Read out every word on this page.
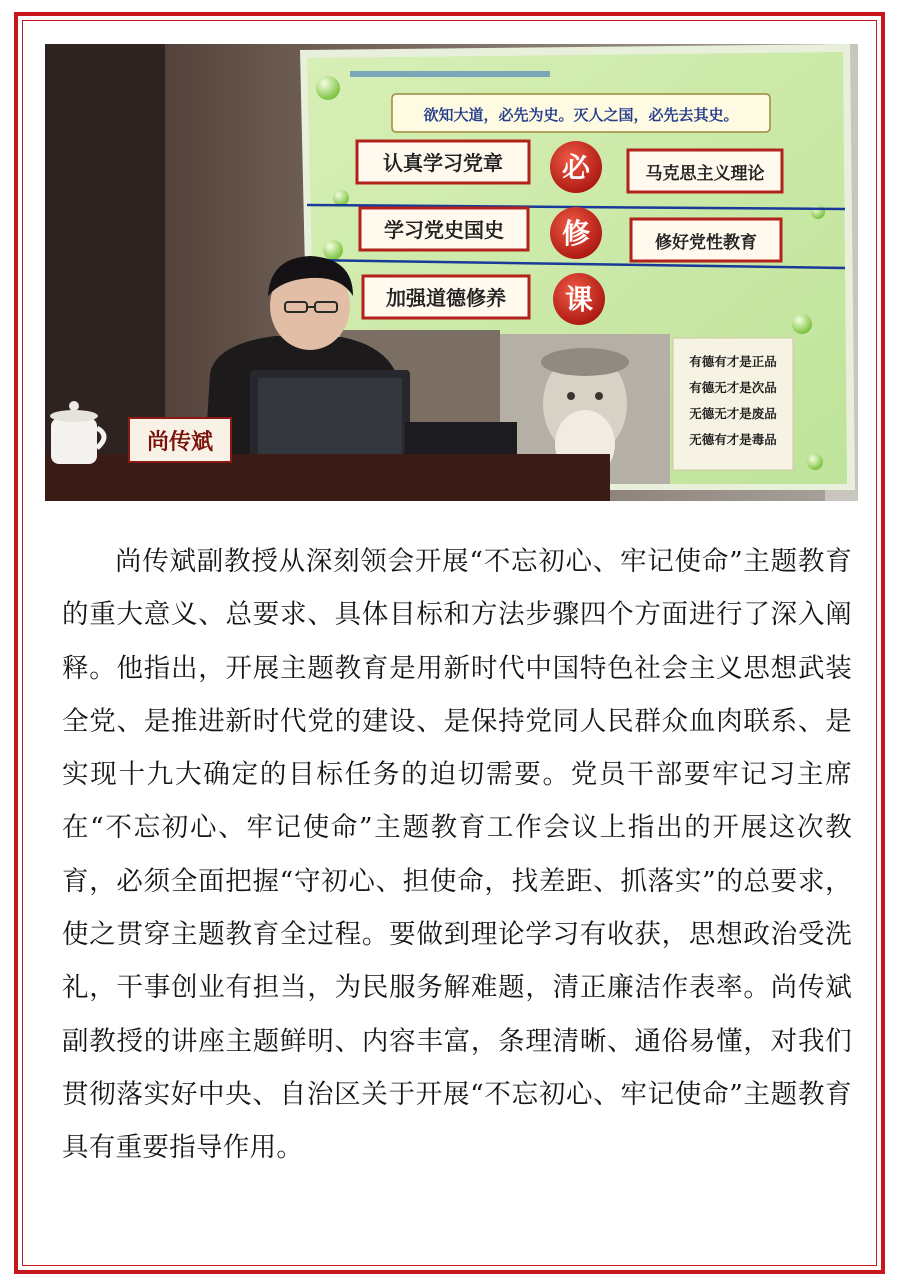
欲知大道，必先为史。灭人之国，必先去其史。
认真学习党章
学习党史国史
加强道德修养
必
修
课
马克思主义理论
修好党性教育
有德有才是正品
有德无才是次品
无德无才是废品
无德有才是毒品
尚传斌

尚传斌副教授从深刻领会开展“不忘初心、牢记使命”主题教育的重大意义、总要求、具体目标和方法步骤四个方面进行了深入阐释。他指出，开展主题教育是用新时代中国特色社会主义思想武装全党、是推进新时代党的建设、是保持党同人民群众血肉联系、是实现十九大确定的目标任务的迫切需要。党员干部要牢记习主席在“不忘初心、牢记使命”主题教育工作会议上指出的开展这次教育，必须全面把握“守初心、担使命，找差距、抓落实”的总要求，使之贯穿主题教育全过程。要做到理论学习有收获，思想政治受洗礼，干事创业有担当，为民服务解难题，清正廉洁作表率。尚传斌副教授的讲座主题鲜明、内容丰富，条理清晰、通俗易懂，对我们贯彻落实好中央、自治区关于开展“不忘初心、牢记使命”主题教育具有重要指导作用。
